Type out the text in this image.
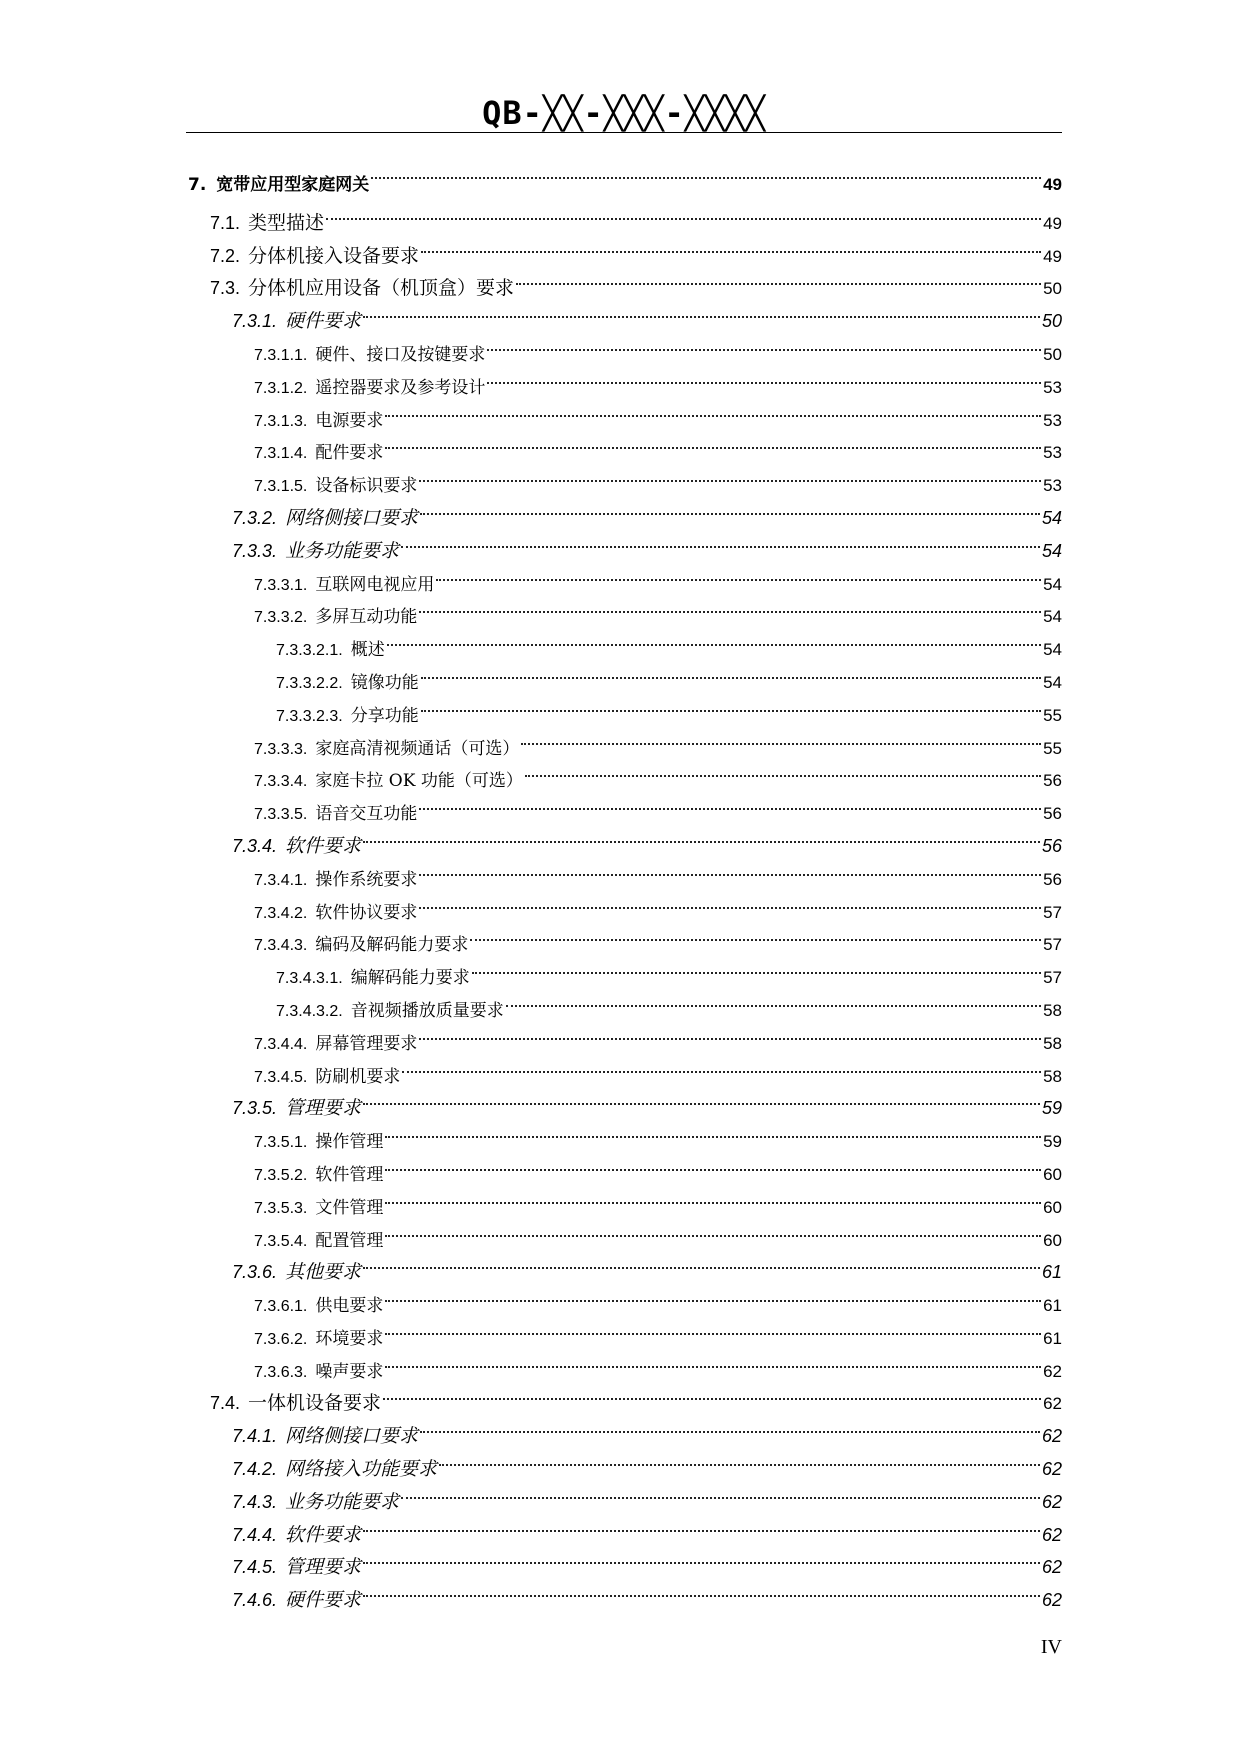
QB-╳╳-╳╳╳-╳╳╳╳
7. 宽带应用型家庭网关	49
7.1. 类型描述	49
7.2. 分体机接入设备要求	49
7.3. 分体机应用设备（机顶盒）要求	50
7.3.1. 硬件要求	50
7.3.1.1. 硬件、接口及按键要求	50
7.3.1.2. 遥控器要求及参考设计	53
7.3.1.3. 电源要求	53
7.3.1.4. 配件要求	53
7.3.1.5. 设备标识要求	53
7.3.2. 网络侧接口要求	54
7.3.3. 业务功能要求	54
7.3.3.1. 互联网电视应用	54
7.3.3.2. 多屏互动功能	54
7.3.3.2.1. 概述	54
7.3.3.2.2. 镜像功能	54
7.3.3.2.3. 分享功能	55
7.3.3.3. 家庭高清视频通话（可选）	55
7.3.3.4. 家庭卡拉 OK 功能（可选）	56
7.3.3.5. 语音交互功能	56
7.3.4. 软件要求	56
7.3.4.1. 操作系统要求	56
7.3.4.2. 软件协议要求	57
7.3.4.3. 编码及解码能力要求	57
7.3.4.3.1. 编解码能力要求	57
7.3.4.3.2. 音视频播放质量要求	58
7.3.4.4. 屏幕管理要求	58
7.3.4.5. 防刷机要求	58
7.3.5. 管理要求	59
7.3.5.1. 操作管理	59
7.3.5.2. 软件管理	60
7.3.5.3. 文件管理	60
7.3.5.4. 配置管理	60
7.3.6. 其他要求	61
7.3.6.1. 供电要求	61
7.3.6.2. 环境要求	61
7.3.6.3. 噪声要求	62
7.4. 一体机设备要求	62
7.4.1. 网络侧接口要求	62
7.4.2. 网络接入功能要求	62
7.4.3. 业务功能要求	62
7.4.4. 软件要求	62
7.4.5. 管理要求	62
7.4.6. 硬件要求	62
IV
